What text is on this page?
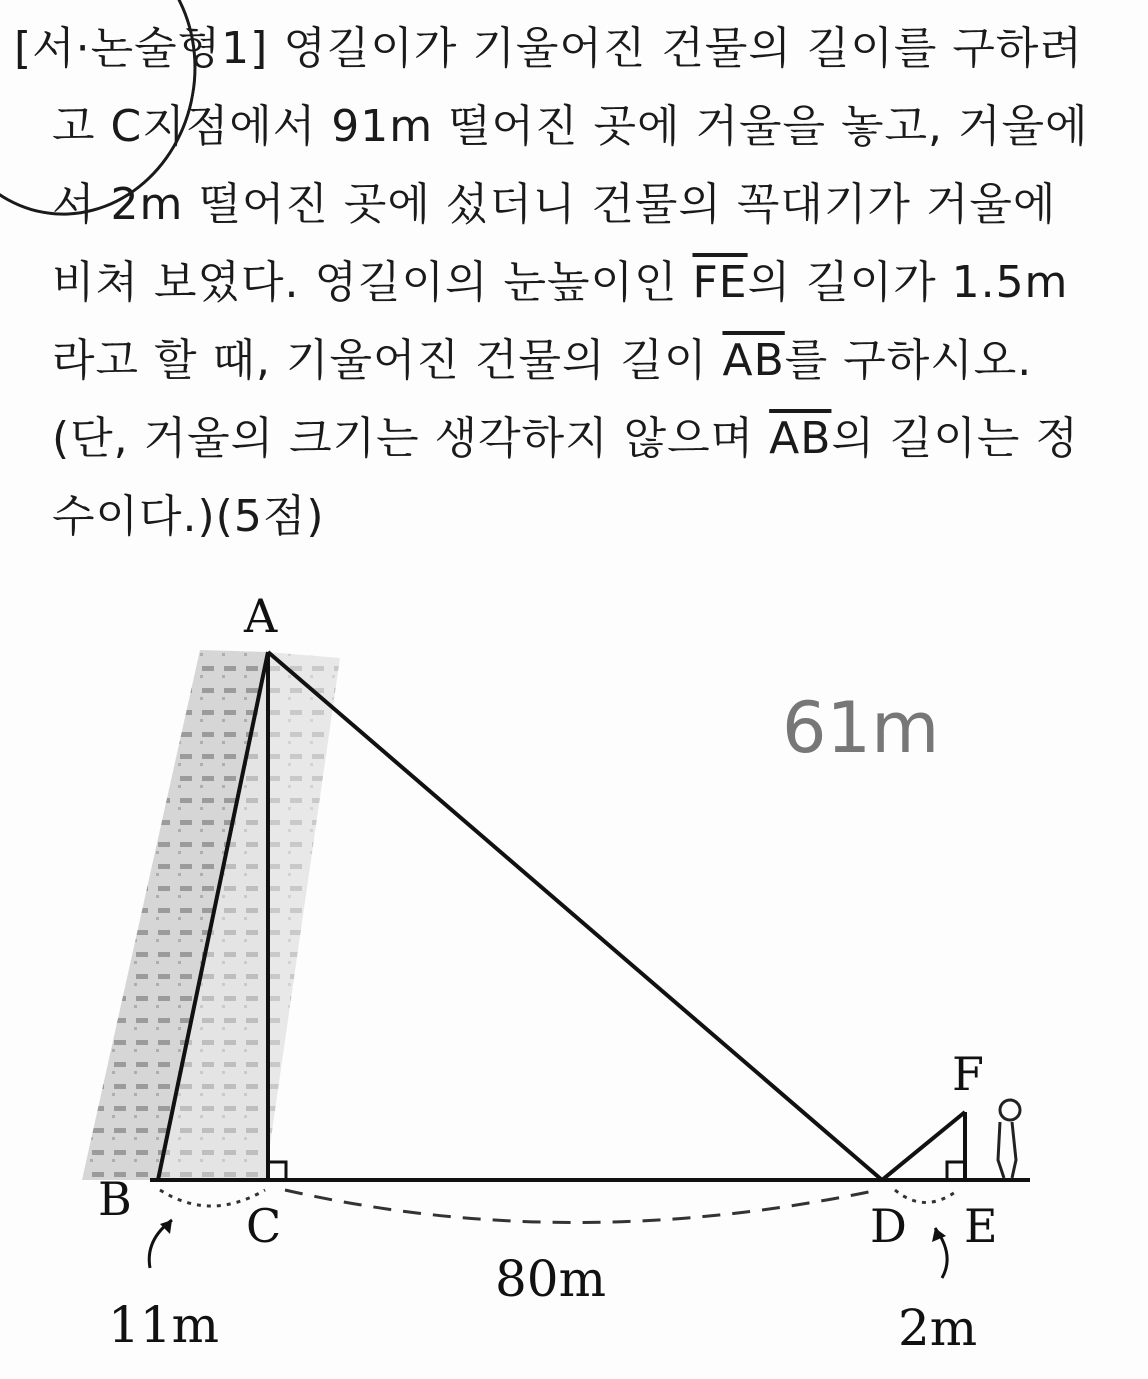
[서·논술형1] 영길이가 기울어진 건물의 길이를 구하려
고 C지점에서 91m 떨어진 곳에 거울을 놓고, 거울에
서 2m 떨어진 곳에 섰더니 건물의 꼭대기가 거울에
비쳐 보였다. 영길이의 눈높이인 $\overline{FE}$의 길이가 1.5m
라고 할 때, 기울어진 건물의 길이 $\overline{AB}$를 구하시오.
(단, 거울의 크기는 생각하지 않으며 $\overline{AB}$의 길이는 정
수이다.)(5점)
A
B C	D E
F
11m
80m
2m
61m
